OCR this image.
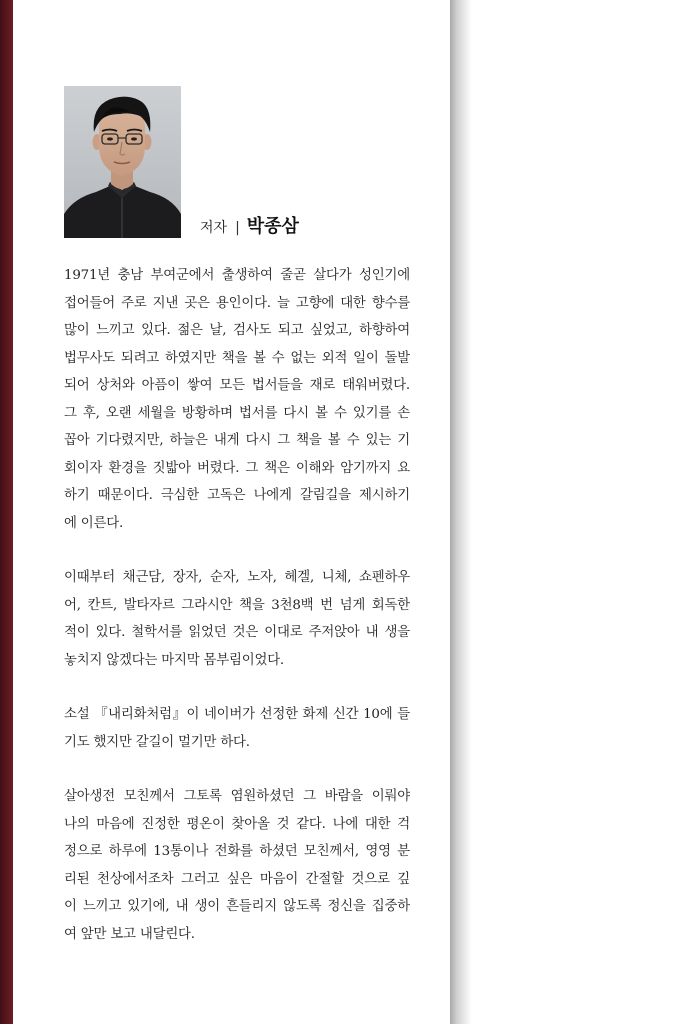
저자 | 박종삼

1971년 충남 부여군에서 출생하여 줄곧 살다가 성인기에
접어들어 주로 지낸 곳은 용인이다. 늘 고향에 대한 향수를
많이 느끼고 있다. 젊은 날, 검사도 되고 싶었고, 하향하여
법무사도 되려고 하였지만 책을 볼 수 없는 외적 일이 돌발
되어 상처와 아픔이 쌓여 모든 법서들을 재로 태워버렸다.
그 후, 오랜 세월을 방황하며 법서를 다시 볼 수 있기를 손
꼽아 기다렸지만, 하늘은 내게 다시 그 책을 볼 수 있는 기
회이자 환경을 짓밟아 버렸다. 그 책은 이해와 암기까지 요
하기 때문이다. 극심한 고독은 나에게 갈림길을 제시하기
에 이른다.

이때부터 채근담, 장자, 순자, 노자, 헤겔, 니체, 쇼펜하우
어, 칸트, 발타자르 그라시안 책을 3천8백 번 넘게 회독한
적이 있다. 철학서를 읽었던 것은 이대로 주저앉아 내 생을
놓치지 않겠다는 마지막 몸부림이었다.

소설 『내리화처럼』이 네이버가 선정한 화제 신간 10에 들
기도 했지만 갈길이 멀기만 하다.

살아생전 모친께서 그토록 염원하셨던 그 바람을 이뤄야
나의 마음에 진정한 평온이 찾아올 것 같다. 나에 대한 걱
정으로 하루에 13통이나 전화를 하셨던 모친께서, 영영 분
리된 천상에서조차 그러고 싶은 마음이 간절할 것으로 깊
이 느끼고 있기에, 내 생이 흔들리지 않도록 정신을 집중하
여 앞만 보고 내달린다.
